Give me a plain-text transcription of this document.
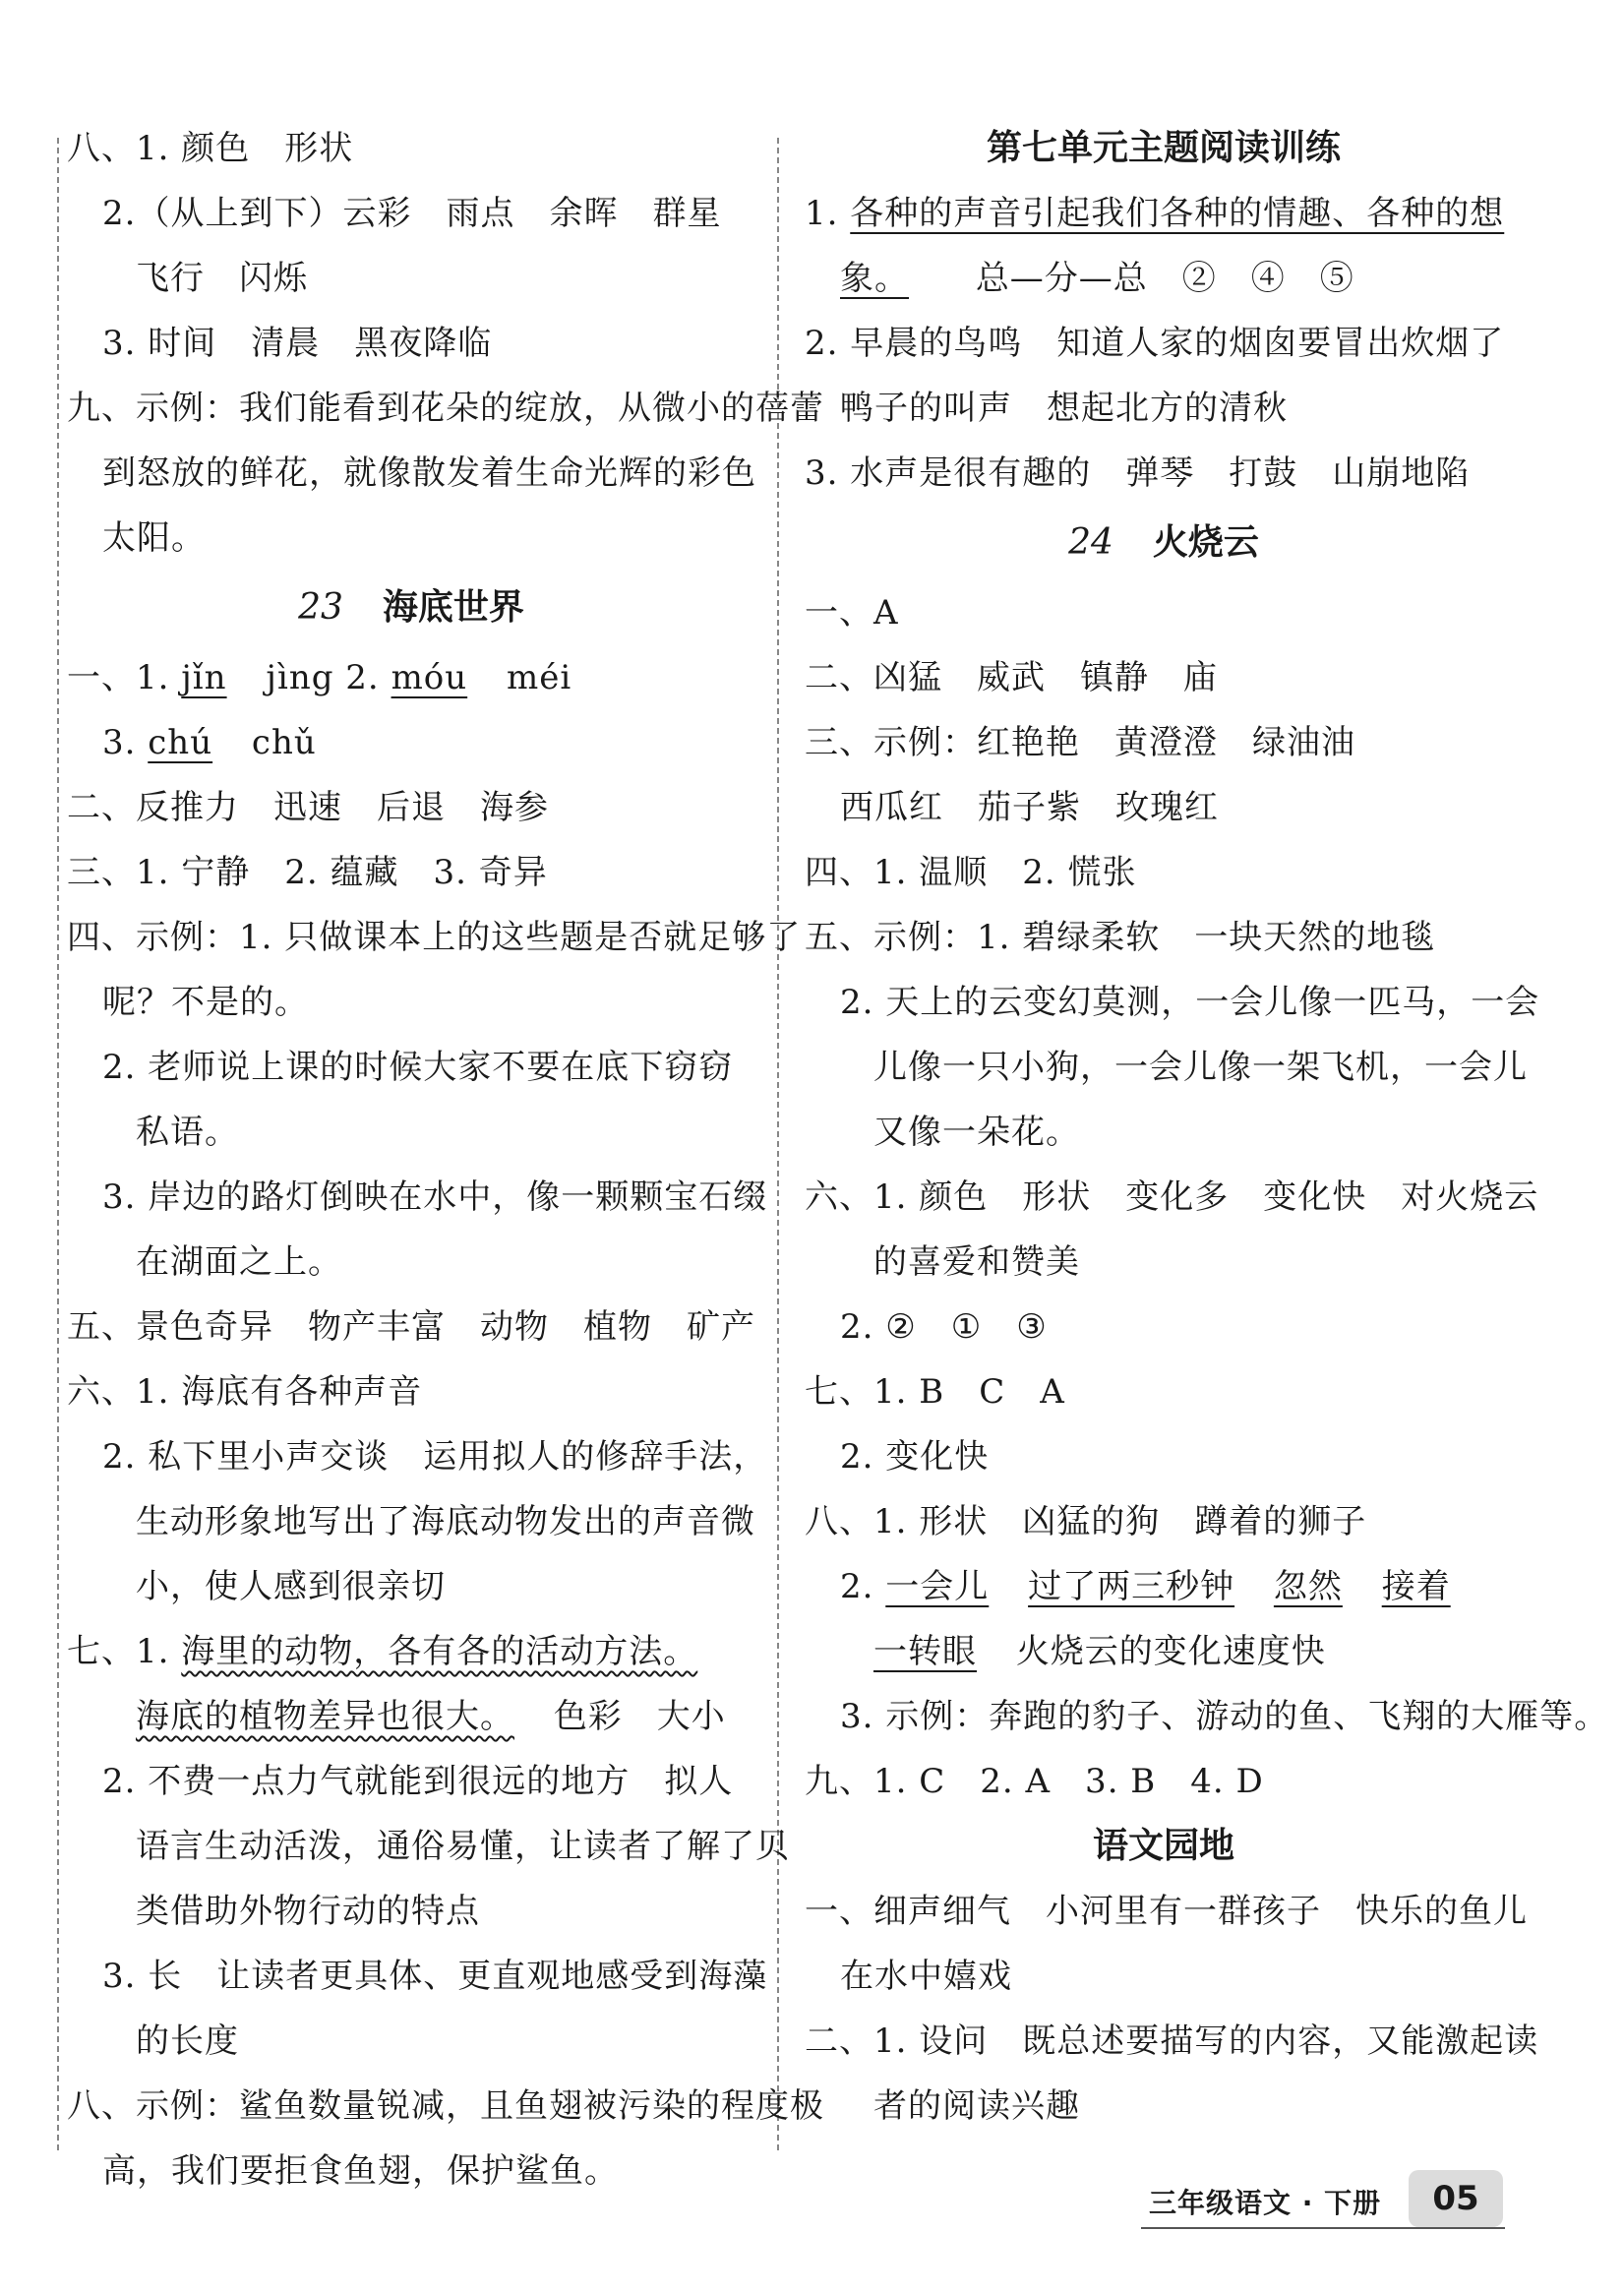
八、1. 颜色　形状
2.（从上到下）云彩　雨点　余晖　群星
飞行　闪烁
3. 时间　清晨　黑夜降临
九、示例：我们能看到花朵的绽放，从微小的蓓蕾
到怒放的鲜花，就像散发着生命光辉的彩色
太阳。
23 海底世界
一、1. jǐn jìng 2. móu méi
3. chú chǔ
二、反推力　迅速　后退　海参
三、1. 宁静　2. 蕴藏　3. 奇异
四、示例：1. 只做课本上的这些题是否就足够了
呢？不是的。
2. 老师说上课的时候大家不要在底下窃窃
私语。
3. 岸边的路灯倒映在水中，像一颗颗宝石缀
在湖面之上。
五、景色奇异　物产丰富　动物　植物　矿产
六、1. 海底有各种声音
2. 私下里小声交谈　运用拟人的修辞手法，
生动形象地写出了海底动物发出的声音微
小，使人感到很亲切
七、1. 海里的动物，各有各的活动方法。
海底的植物差异也很大。 色彩　大小
2. 不费一点力气就能到很远的地方　拟人
语言生动活泼，通俗易懂，让读者了解了贝
类借助外物行动的特点
3. 长　让读者更具体、更直观地感受到海藻
的长度
八、示例：鲨鱼数量锐减，且鱼翅被污染的程度极
高，我们要拒食鱼翅，保护鲨鱼。
第七单元主题阅读训练
1. 各种的声音引起我们各种的情趣、各种的想
象。 总—分—总　②　④　⑤
2. 早晨的鸟鸣　知道人家的烟囱要冒出炊烟了
鸭子的叫声　想起北方的清秋
3. 水声是很有趣的　弹琴　打鼓　山崩地陷
24 火烧云
一、A
二、凶猛　威武　镇静　庙
三、示例：红艳艳　黄澄澄　绿油油
西瓜红　茄子紫　玫瑰红
四、1. 温顺　2. 慌张
五、示例：1. 碧绿柔软　一块天然的地毯
2. 天上的云变幻莫测，一会儿像一匹马，一会
儿像一只小狗，一会儿像一架飞机，一会儿
又像一朵花。
六、1. 颜色　形状　变化多　变化快　对火烧云
的喜爱和赞美
2. ②　①　③
七、1. B　C　A
2. 变化快
八、1. 形状　凶猛的狗　蹲着的狮子
2. 一会儿 过了两三秒钟 忽然 接着
一转眼 火烧云的变化速度快
3. 示例：奔跑的豹子、游动的鱼、飞翔的大雁等。
九、1. C　2. A　3. B　4. D
语文园地
一、细声细气　小河里有一群孩子　快乐的鱼儿
在水中嬉戏
二、1. 设问　既总述要描写的内容，又能激起读
者的阅读兴趣
三年级语文 · 下册	05
